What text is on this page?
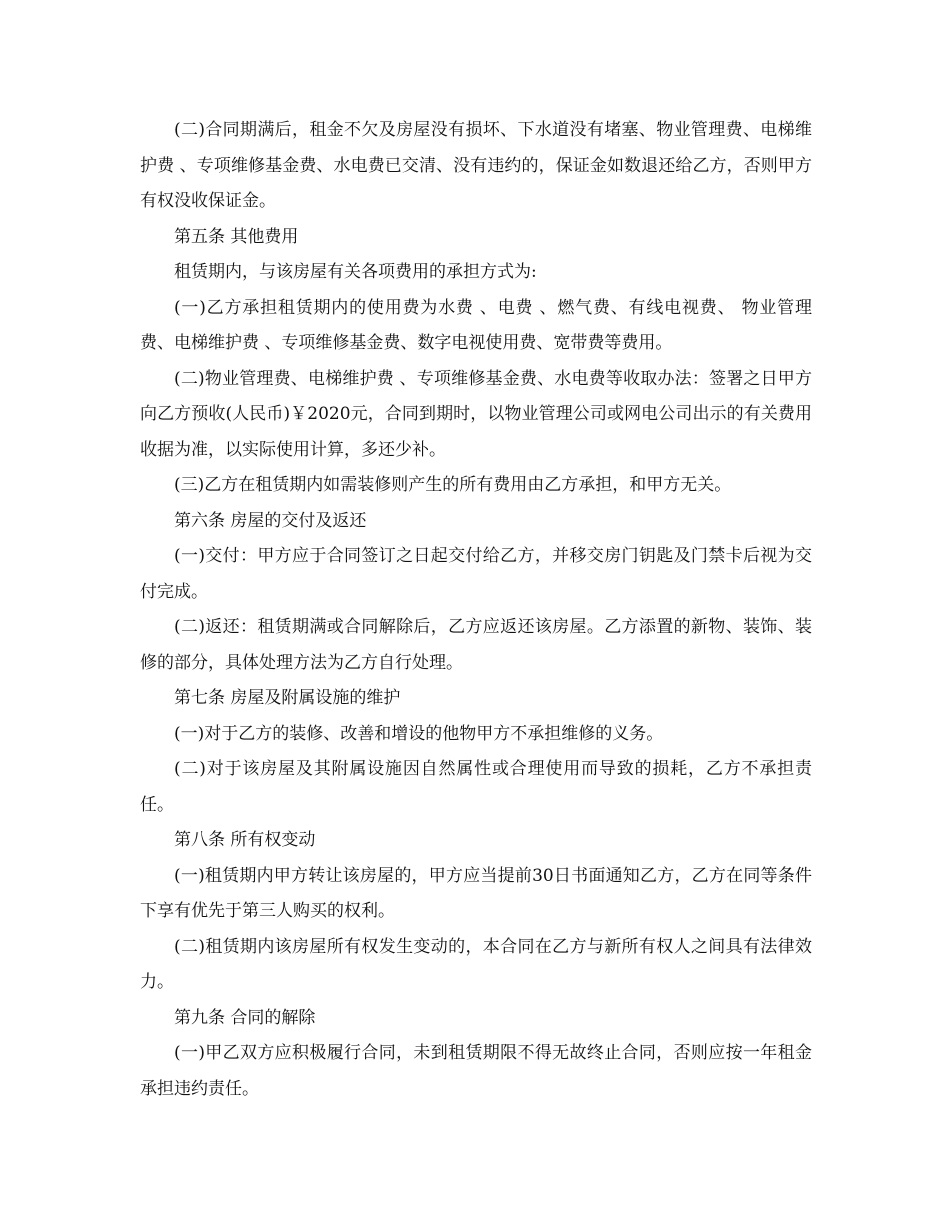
(二)合同期满后，租金不欠及房屋没有损坏、下水道没有堵塞、物业管理费、电梯维护费 、专项维修基金费、水电费已交清、没有违约的，保证金如数退还给乙方，否则甲方有权没收保证金。

第五条 其他费用

租赁期内，与该房屋有关各项费用的承担方式为:

(一)乙方承担租赁期内的使用费为水费 、电费 、燃气费、有线电视费、 物业管理费、电梯维护费 、专项维修基金费、数字电视使用费、宽带费等费用。

(二)物业管理费、电梯维护费 、专项维修基金费、水电费等收取办法：签署之日甲方向乙方预收(人民币)￥2020元，合同到期时，以物业管理公司或网电公司出示的有关费用收据为准，以实际使用计算，多还少补。

(三)乙方在租赁期内如需装修则产生的所有费用由乙方承担，和甲方无关。

第六条 房屋的交付及返还

(一)交付：甲方应于合同签订之日起交付给乙方，并移交房门钥匙及门禁卡后视为交付完成。

(二)返还：租赁期满或合同解除后，乙方应返还该房屋。乙方添置的新物、装饰、装修的部分，具体处理方法为乙方自行处理。

第七条 房屋及附属设施的维护

(一)对于乙方的装修、改善和增设的他物甲方不承担维修的义务。

(二)对于该房屋及其附属设施因自然属性或合理使用而导致的损耗，乙方不承担责任。

第八条 所有权变动

(一)租赁期内甲方转让该房屋的，甲方应当提前30日书面通知乙方，乙方在同等条件下享有优先于第三人购买的权利。

(二)租赁期内该房屋所有权发生变动的，本合同在乙方与新所有权人之间具有法律效力。

第九条 合同的解除

(一)甲乙双方应积极履行合同，未到租赁期限不得无故终止合同，否则应按一年租金承担违约责任。
